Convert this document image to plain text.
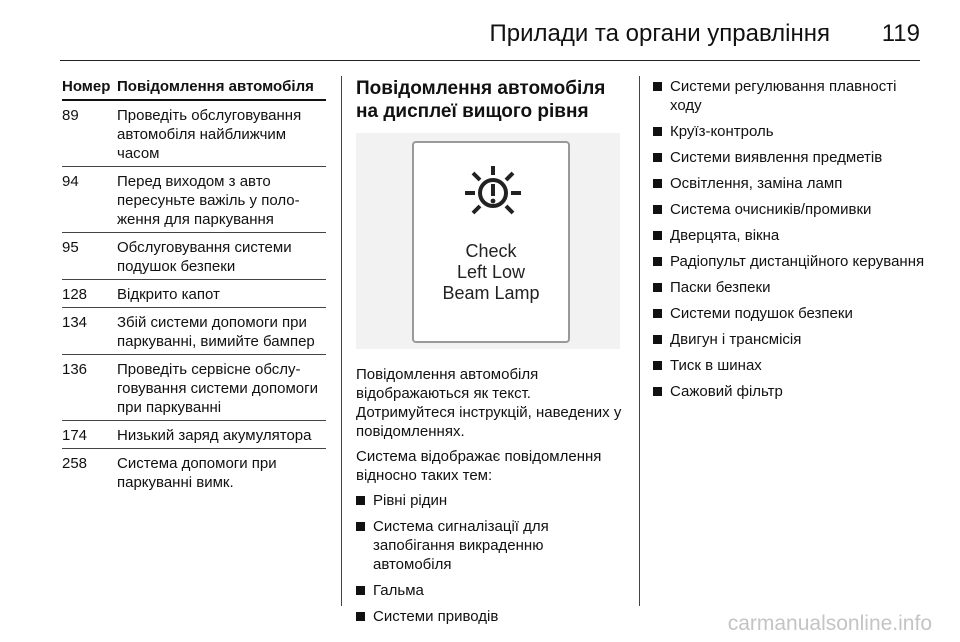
Прилади та органи управління 119
Номер Повідомлення автомобіля
89	Проведіть обслуговування автомобіля найближчим часом
94	Перед виходом з авто пересуньте важіль у положення для паркування
95	Обслуговування системи подушок безпеки
128	Відкрито капот
134	Збій системи допомоги при паркуванні, вимийте бампер
136	Проведіть сервісне обслуговування системи допомоги при паркуванні
174	Низький заряд акумулятора
258	Система допомоги при паркуванні вимк.
Повідомлення автомобіля на дисплеї вищого рівня
Check
Left Low
Beam Lamp

Повідомлення автомобіля відображаються як текст. Дотримуйтеся інструкцій, наведених у повідомленнях.

Система відображає повідомлення відносно таких тем:

Рівні рідин
Система сигналізації для запобігання викраденню автомобіля
Гальма
Системи приводів
Системи регулювання плавності ходу
Круїз-контроль
Системи виявлення предметів
Освітлення, заміна ламп
Система очисників/промивки
Дверцята, вікна
Радіопульт дистанційного керування
Паски безпеки
Системи подушок безпеки
Двигун і трансмісія
Тиск в шинах
Сажовий фільтр
carmanualsonline.info
